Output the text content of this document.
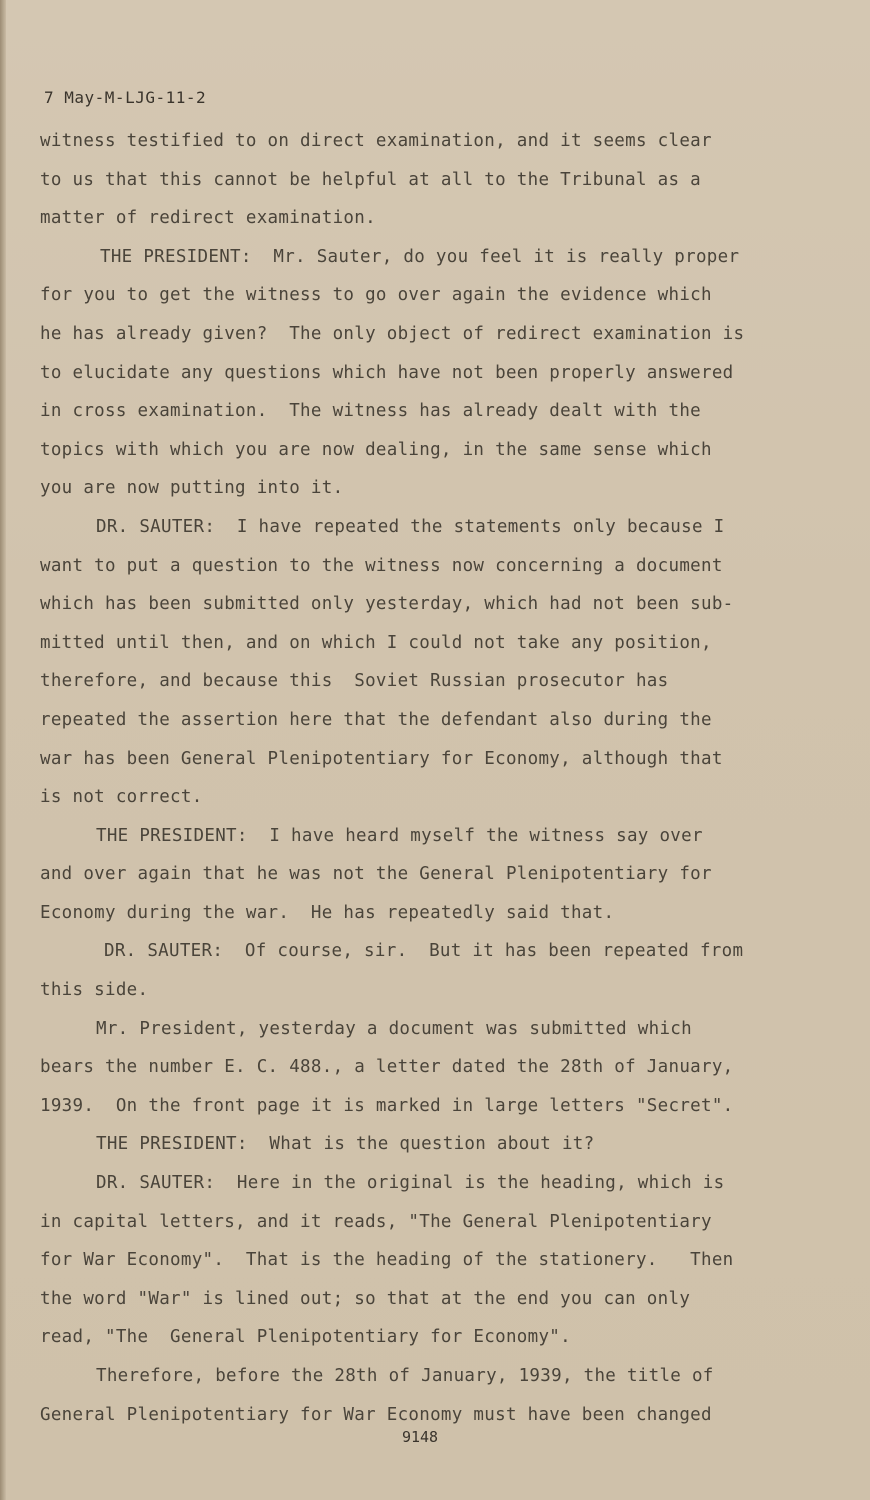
7 May-M-LJG-11-2
witness testified to on direct examination, and it seems clear
to us that this cannot be helpful at all to the Tribunal as a
matter of redirect examination.
THE PRESIDENT:  Mr. Sauter, do you feel it is really proper
for you to get the witness to go over again the evidence which
he has already given?  The only object of redirect examination is
to elucidate any questions which have not been properly answered
in cross examination.  The witness has already dealt with the
topics with which you are now dealing, in the same sense which
you are now putting into it.
DR. SAUTER:  I have repeated the statements only because I
want to put a question to the witness now concerning a document
which has been submitted only yesterday, which had not been sub-
mitted until then, and on which I could not take any position,
therefore, and because this  Soviet Russian prosecutor has
repeated the assertion here that the defendant also during the
war has been General Plenipotentiary for Economy, although that
is not correct.
THE PRESIDENT:  I have heard myself the witness say over
and over again that he was not the General Plenipotentiary for
Economy during the war.  He has repeatedly said that.
DR. SAUTER:  Of course, sir.  But it has been repeated from
this side.
Mr. President, yesterday a document was submitted which
bears the number E. C. 488., a letter dated the 28th of January,
1939.  On the front page it is marked in large letters "Secret".
THE PRESIDENT:  What is the question about it?
DR. SAUTER:  Here in the original is the heading, which is
in capital letters, and it reads, "The General Plenipotentiary
for War Economy".  That is the heading of the stationery.   Then
the word "War" is lined out; so that at the end you can only
read, "The  General Plenipotentiary for Economy".
Therefore, before the 28th of January, 1939, the title of
General Plenipotentiary for War Economy must have been changed
9148
